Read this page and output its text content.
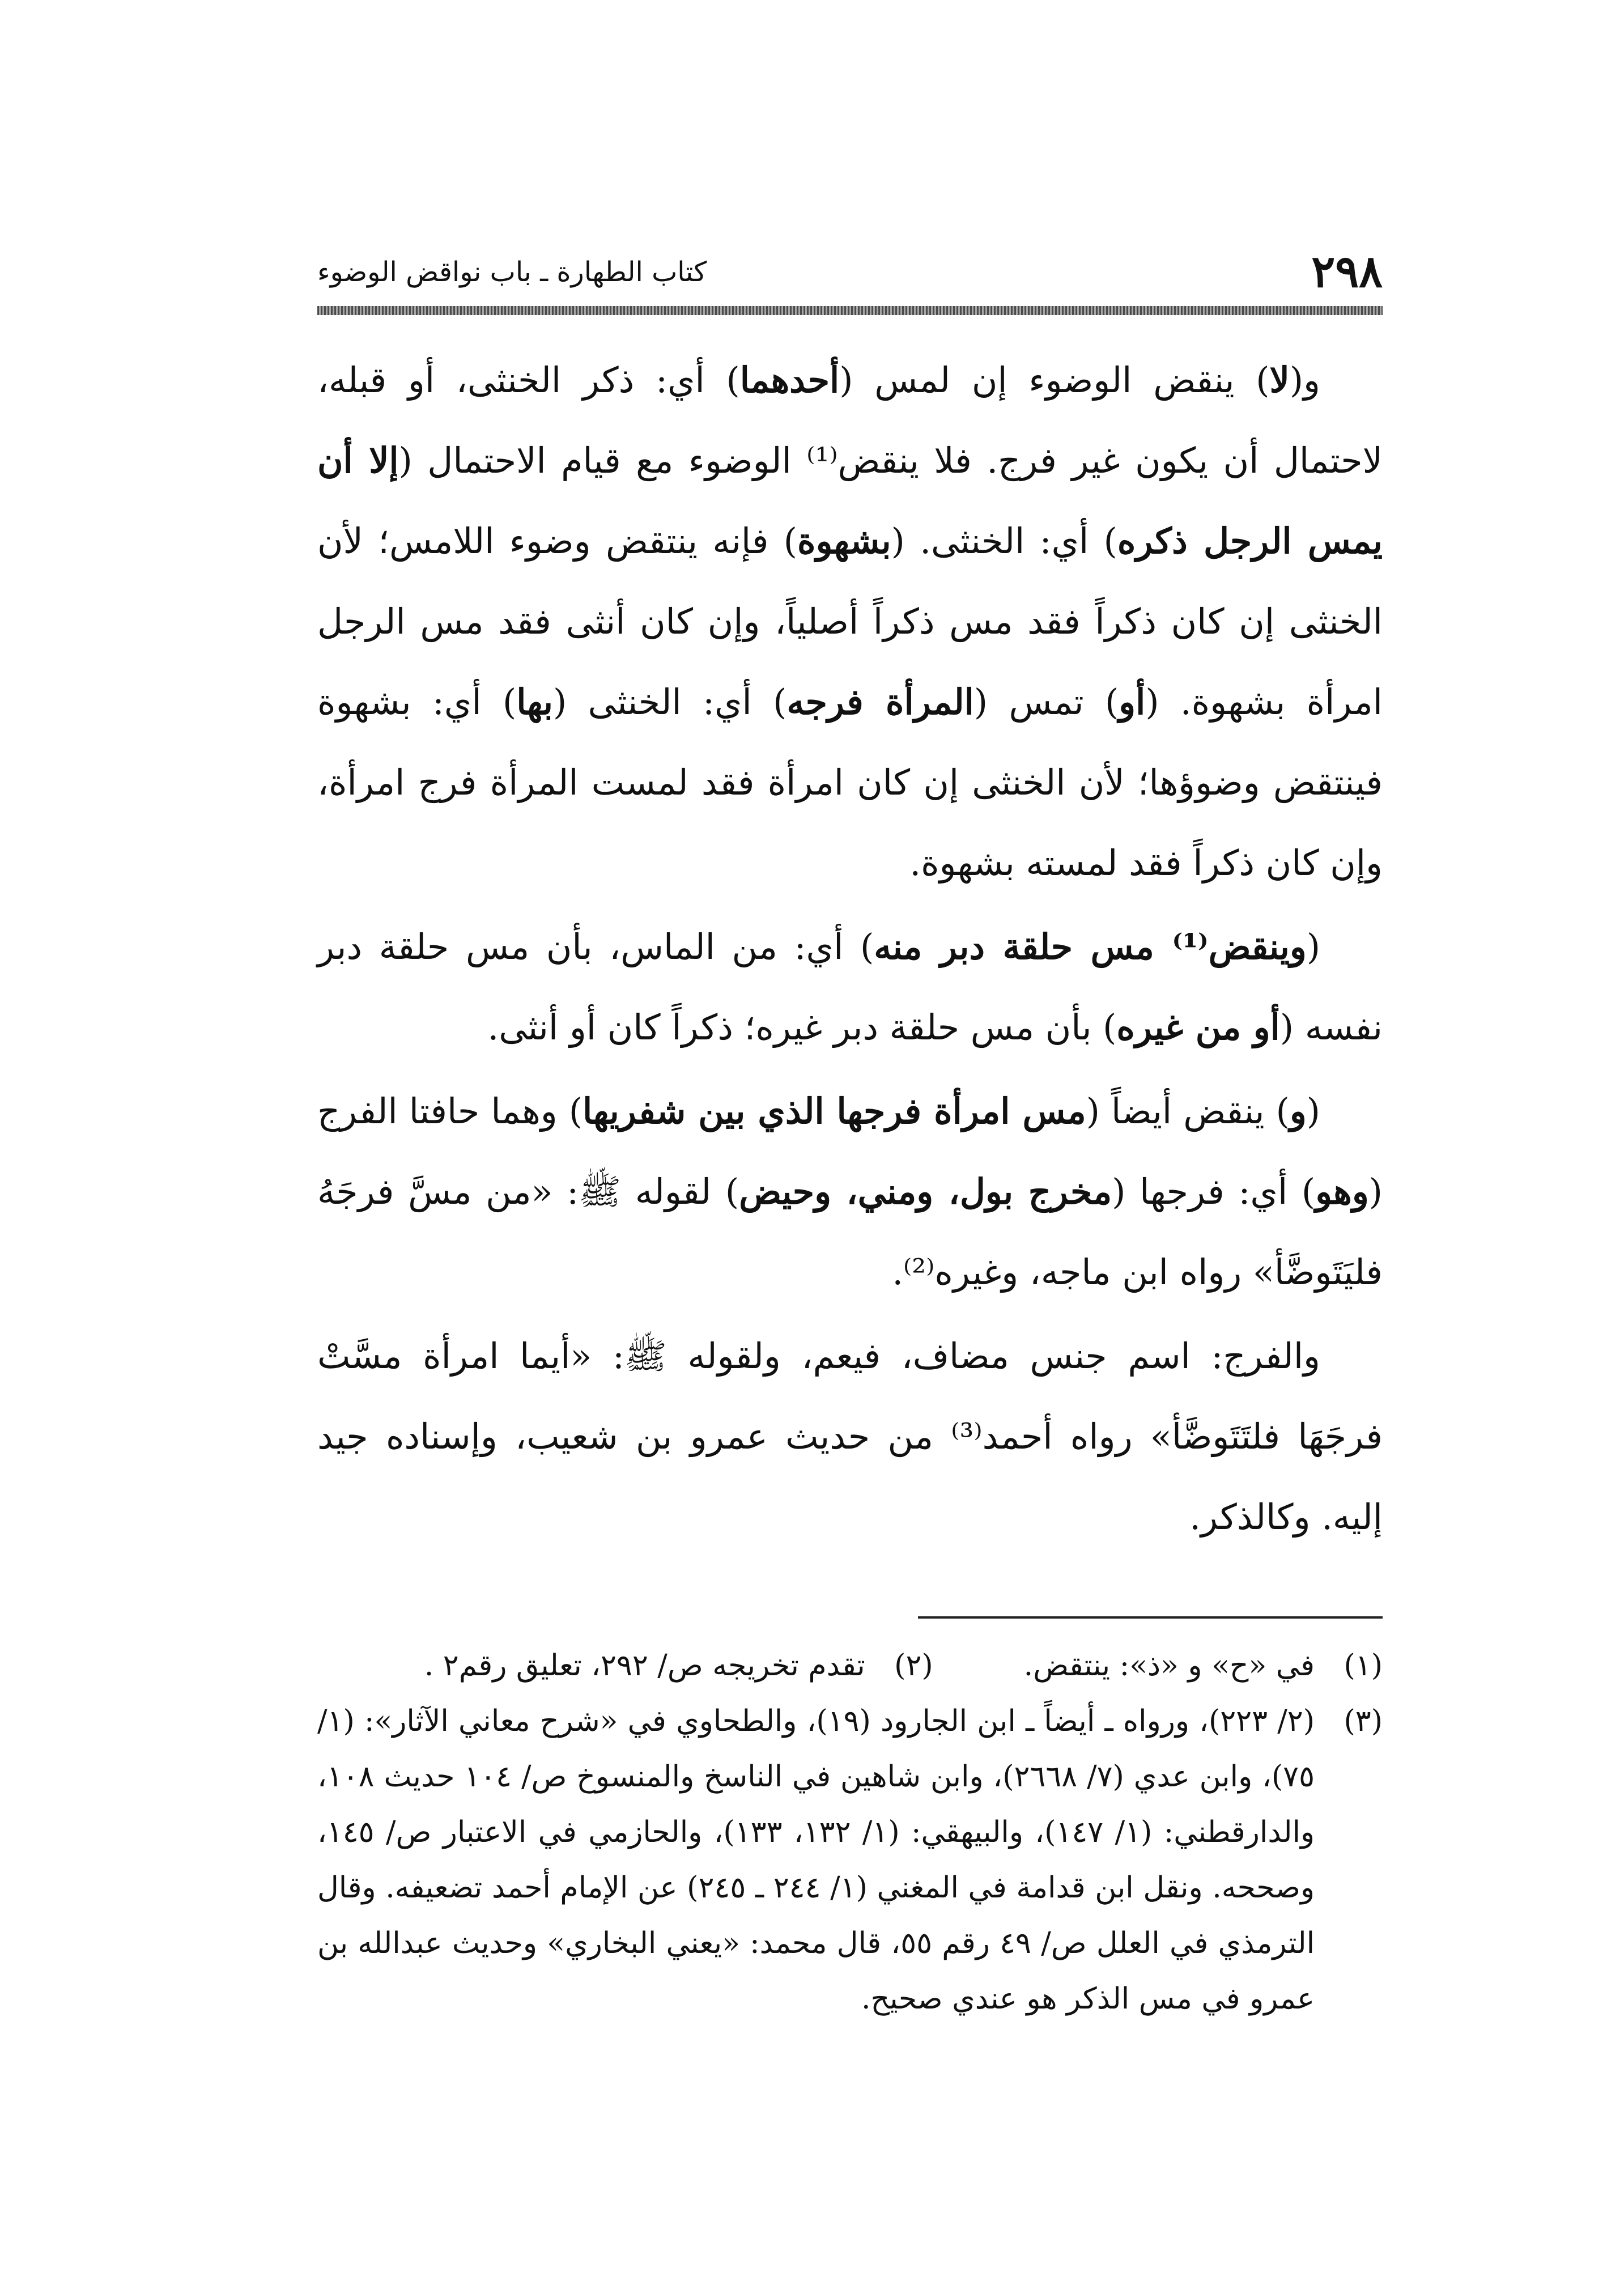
٢٩٨
كتاب الطهارة ـ باب نواقض الوضوء

و(لا) ينقض الوضوء إن لمس (أحدهما) أي: ذكر الخنثى، أو قبله، لاحتمال أن يكون غير فرج. فلا ينقض⁽¹⁾ الوضوء مع قيام الاحتمال (إلا أن يمس الرجل ذكره) أي: الخنثى. (بشهوة) فإنه ينتقض وضوء اللامس؛ لأن الخنثى إن كان ذكراً فقد مس ذكراً أصلياً، وإن كان أنثى فقد مس الرجل امرأة بشهوة. (أو) تمس (المرأة فرجه) أي: الخنثى (بها) أي: بشهوة فينتقض وضوؤها؛ لأن الخنثى إن كان امرأة فقد لمست المرأة فرج امرأة، وإن كان ذكراً فقد لمسته بشهوة.

(وينقض⁽¹⁾ مس حلقة دبر منه) أي: من الماس، بأن مس حلقة دبر نفسه (أو من غيره) بأن مس حلقة دبر غيره؛ ذكراً كان أو أنثى.

(و) ينقض أيضاً (مس امرأة فرجها الذي بين شفريها) وهما حافتا الفرج (وهو) أي: فرجها (مخرج بول، ومني، وحيض) لقوله ﷺ: «من مسَّ فرجَهُ فليَتَوضَّأ» رواه ابن ماجه، وغيره⁽²⁾.

والفرج: اسم جنس مضاف، فيعم، ولقوله ﷺ: «أيما امرأة مسَّتْ فرجَهَا فلتَتَوضَّأ» رواه أحمد⁽³⁾ من حديث عمرو بن شعيب، وإسناده جيد إليه. وكالذكر.

(١)
في «ح» و «ذ»: ينتقض.
(٢)
تقدم تخريجه ص/ ٢٩٢، تعليق رقم٢ .
(٣)
(٢/ ٢٢٣)، ورواه ـ أيضاً ـ ابن الجارود (١٩)، والطحاوي في «شرح معاني الآثار»: (١/ ٧٥)، وابن عدي (٧/ ٢٦٦٨)، وابن شاهين في الناسخ والمنسوخ ص/ ١٠٤ حديث ١٠٨، والدارقطني: (١/ ١٤٧)، والبيهقي: (١/ ١٣٢، ١٣٣)، والحازمي في الاعتبار ص/ ١٤٥، وصححه. ونقل ابن قدامة في المغني (١/ ٢٤٤ ـ ٢٤٥) عن الإمام أحمد تضعيفه. وقال الترمذي في العلل ص/ ٤٩ رقم ٥٥، قال محمد: «يعني البخاري» وحديث عبدالله بن عمرو في مس الذكر هو عندي صحيح.
